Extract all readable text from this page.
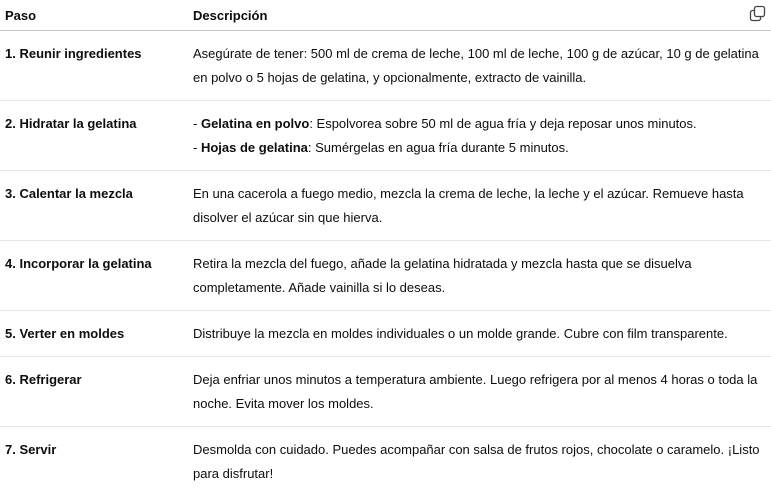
Paso	Descripción
1. Reunir ingredientes	Asegúrate de tener: 500 ml de crema de leche, 100 ml de leche, 100 g de azúcar, 10 g de gelatina en polvo o 5 hojas de gelatina, y opcionalmente, extracto de vainilla.
2. Hidratar la gelatina	- Gelatina en polvo: Espolvorea sobre 50 ml de agua fría y deja reposar unos minutos.
- Hojas de gelatina: Sumérgelas en agua fría durante 5 minutos.

3. Calentar la mezcla	En una cacerola a fuego medio, mezcla la crema de leche, la leche y el azúcar. Remueve hasta disolver el azúcar sin que hierva.
4. Incorporar la gelatina	Retira la mezcla del fuego, añade la gelatina hidratada y mezcla hasta que se disuelva completamente. Añade vainilla si lo deseas.
5. Verter en moldes	Distribuye la mezcla en moldes individuales o un molde grande. Cubre con film transparente.
6. Refrigerar	Deja enfriar unos minutos a temperatura ambiente. Luego refrigera por al menos 4 horas o toda la noche. Evita mover los moldes.
7. Servir	Desmolda con cuidado. Puedes acompañar con salsa de frutos rojos, chocolate o caramelo. ¡Listo para disfrutar!
